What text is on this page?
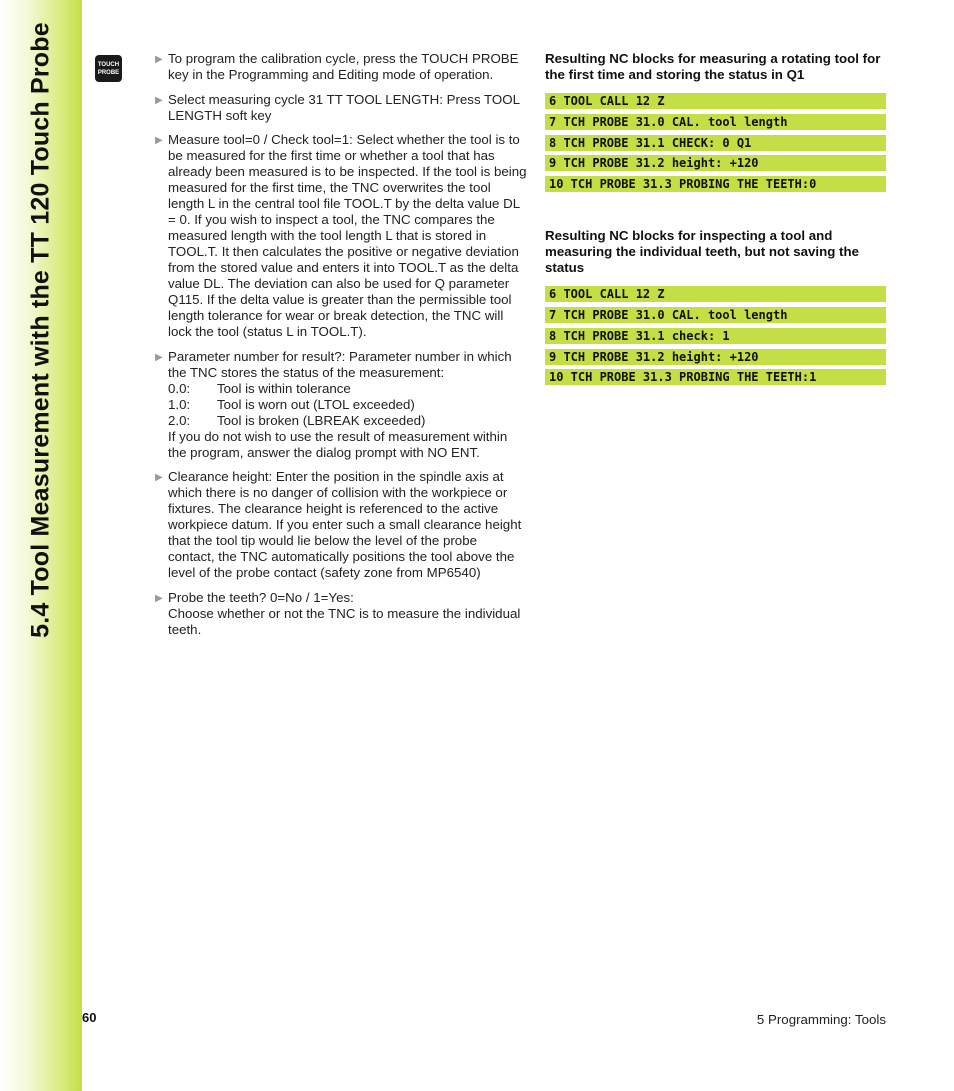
5.4 Tool Measurement with the TT 120 Touch Probe	TOUCH
PROBE
▶ To program the calibration cycle, press the TOUCH PROBE key in the Programming and Editing mode of operation.

▶ Select measuring cycle 31 TT TOOL LENGTH: Press TOOL LENGTH soft key

▶ Measure tool=0 / Check tool=1: Select whether the tool is to be measured for the first time or whether a tool that has already been measured is to be inspected. If the tool is being measured for the first time, the TNC overwrites the tool length L in the central tool file TOOL.T by the delta value DL = 0. If you wish to inspect a tool, the TNC compares the measured length with the tool length L that is stored in TOOL.T. It then calculates the positive or negative deviation from the stored value and enters it into TOOL.T as the delta value DL. The deviation can also be used for Q parameter Q115. If the delta value is greater than the permissible tool length tolerance for wear or break detection, the TNC will lock the tool (status L in TOOL.T).

▶ Parameter number for result?: Parameter number in which the TNC stores the status of the measurement:

0.0:	Tool is within tolerance
1.0:	Tool is worn out (LTOL exceeded)
2.0:	Tool is broken (LBREAK exceeded)

If you do not wish to use the result of measurement within the program, answer the dialog prompt with NO ENT.

▶ Clearance height: Enter the position in the spindle axis at which there is no danger of collision with the workpiece or fixtures. The clearance height is referenced to the active workpiece datum. If you enter such a small clearance height that the tool tip would lie below the level of the probe contact, the TNC automatically positions the tool above the level of the probe contact (safety zone from MP6540)

▶ Probe the teeth? 0=No / 1=Yes:

Choose whether or not the TNC is to measure the individual teeth.

Resulting NC blocks for measuring a rotating tool for the first time and storing the status in Q1

6 TOOL CALL 12 Z
7 TCH PROBE 31.0 CAL. tool length
8 TCH PROBE 31.1 CHECK: 0 Q1
9 TCH PROBE 31.2 height: +120
10 TCH PROBE 31.3 PROBING THE TEETH:0

Resulting NC blocks for inspecting a tool and measuring the individual teeth, but not saving the status

6 TOOL CALL 12 Z
7 TCH PROBE 31.0 CAL. tool length
8 TCH PROBE 31.1 check: 1
9 TCH PROBE 31.2 height: +120
10 TCH PROBE 31.3 PROBING THE TEETH:1
60	5 Programming: Tools
